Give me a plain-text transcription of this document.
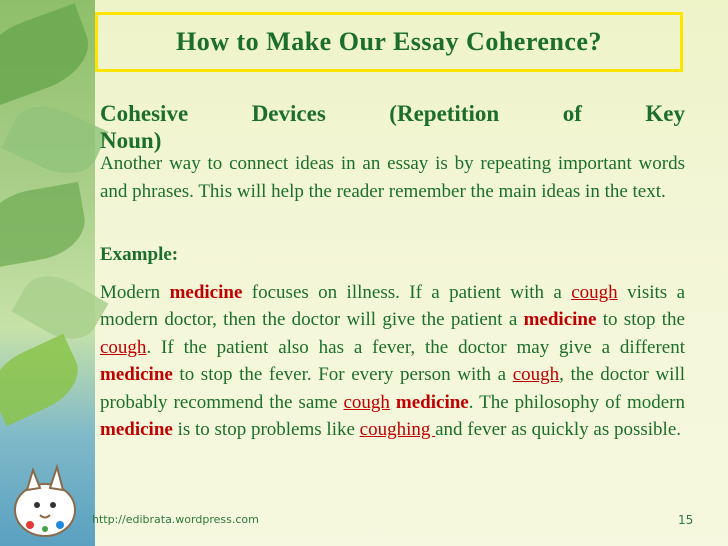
How to Make Our Essay Coherence?
Cohesive Devices (Repetition of Key
Noun)
Another way to connect ideas in an essay is by repeating important words and phrases. This will help the reader remember the main ideas in the text.
Example:
Modern medicine focuses on illness. If a patient with a cough visits a modern doctor, then the doctor will give the patient a medicine to stop the cough. If the patient also has a fever, the doctor may give a different medicine to stop the fever. For every person with a cough, the doctor will probably recommend the same cough medicine. The philosophy of modern medicine is to stop problems like coughing and fever as quickly as possible.
http://edibrata.wordpress.com	15
